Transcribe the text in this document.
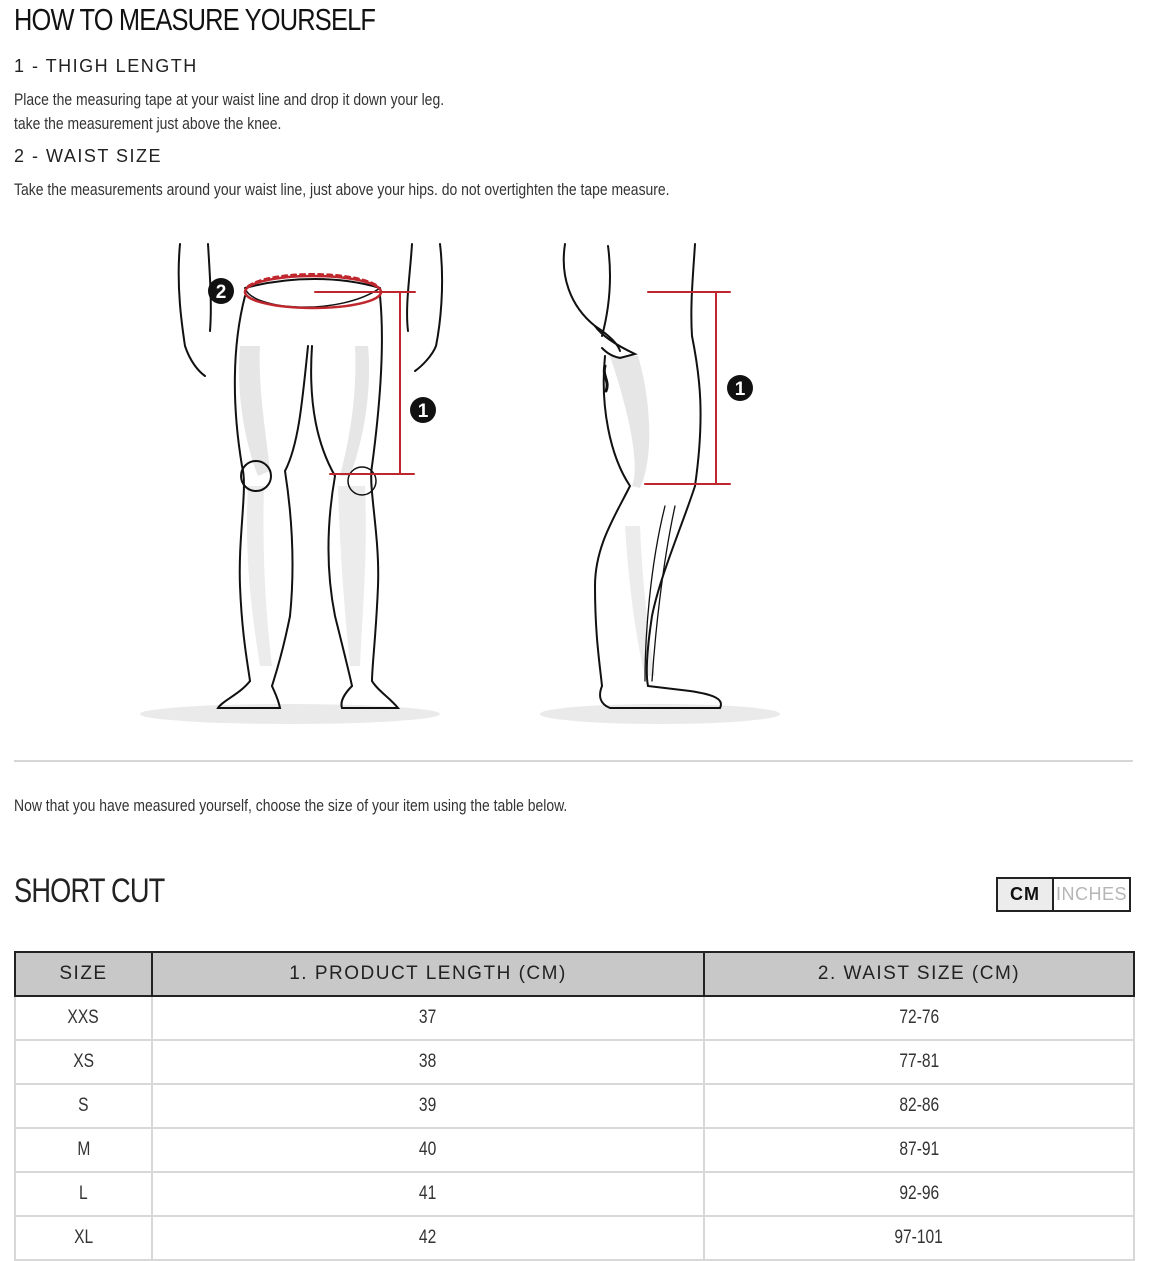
HOW TO MEASURE YOURSELF
1 - THIGH LENGTH

Place the measuring tape at your waist line and drop it down your leg.

take the measurement just above the knee.

2 - WAIST SIZE

Take the measurements around your waist line, just above your hips. do not overtighten the tape measure.

2
1
1

Now that you have measured yourself, choose the size of your item using the table below.

SHORT CUT	CM INCHES
SIZE	1. PRODUCT LENGTH (CM)	2. WAIST SIZE (CM)
XXS	37	72-76
XS	38	77-81
S	39	82-86
M	40	87-91
L	41	92-96
XL	42	97-101
